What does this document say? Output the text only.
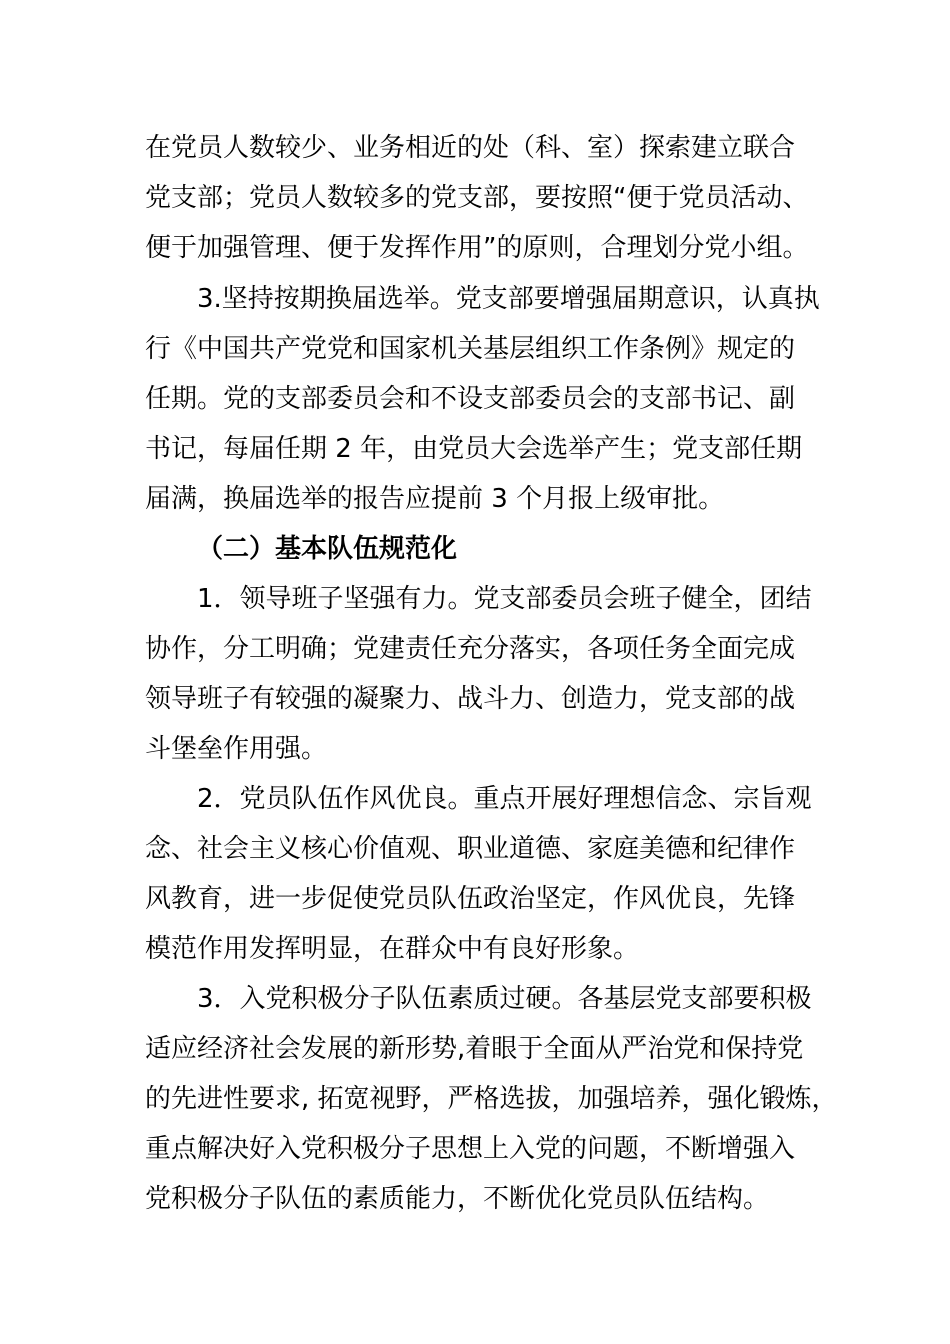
在党员人数较少、业务相近的处（科、室）探索建立联合
党支部；党员人数较多的党支部，要按照“便于党员活动、
便于加强管理、便于发挥作用”的原则，合理划分党小组。
3.坚持按期换届选举。党支部要增强届期意识，认真执
行《中国共产党党和国家机关基层组织工作条例》规定的
任期。党的支部委员会和不设支部委员会的支部书记、副
书记，每届任期 2 年，由党员大会选举产生；党支部任期
届满，换届选举的报告应提前 3 个月报上级审批。
（二）基本队伍规范化
1．领导班子坚强有力。党支部委员会班子健全，团结
协作，分工明确；党建责任充分落实，各项任务全面完成
领导班子有较强的凝聚力、战斗力、创造力，党支部的战
斗堡垒作用强。
2．党员队伍作风优良。重点开展好理想信念、宗旨观
念、社会主义核心价值观、职业道德、家庭美德和纪律作
风教育，进一步促使党员队伍政治坚定，作风优良，先锋
模范作用发挥明显，在群众中有良好形象。
3．入党积极分子队伍素质过硬。各基层党支部要积极
适应经济社会发展的新形势,着眼于全面从严治党和保持党
的先进性要求, 拓宽视野，严格选拔，加强培养，强化锻炼，
重点解决好入党积极分子思想上入党的问题，不断增强入
党积极分子队伍的素质能力，不断优化党员队伍结构。
